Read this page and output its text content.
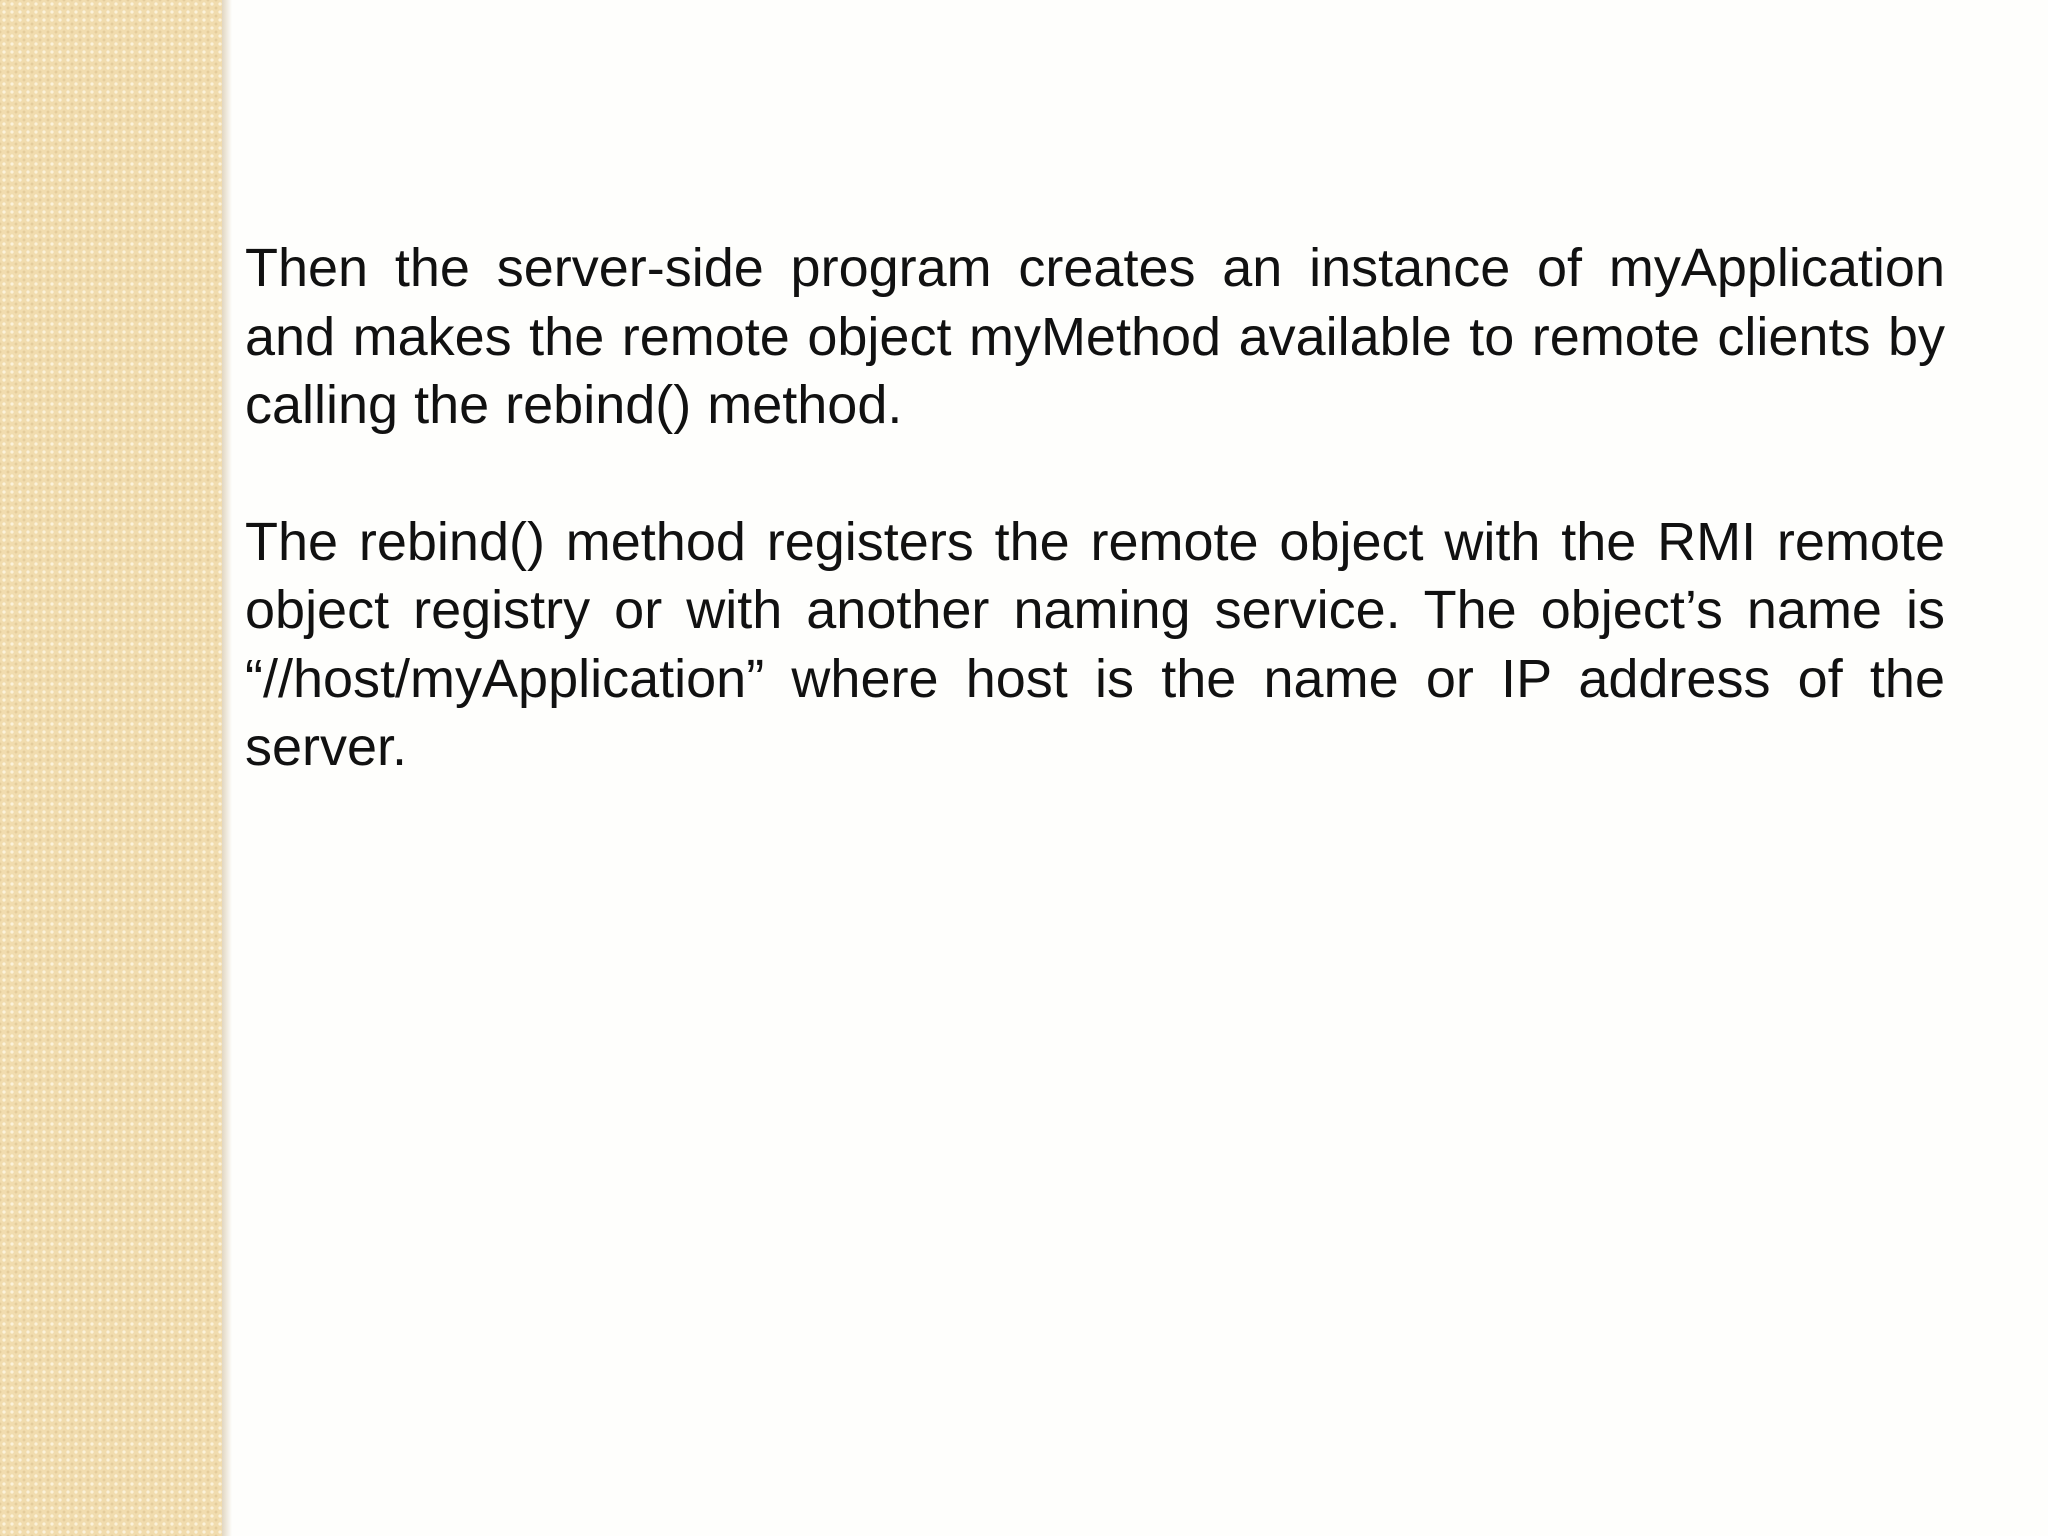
Then the server-side program creates an instance of myApplication and makes the remote object myMethod available to remote clients by calling the rebind() method.

The rebind() method registers the remote object with the RMI remote object registry or with another naming service. The object’s name is “//host/myApplication” where host is the name or IP address of the server.
